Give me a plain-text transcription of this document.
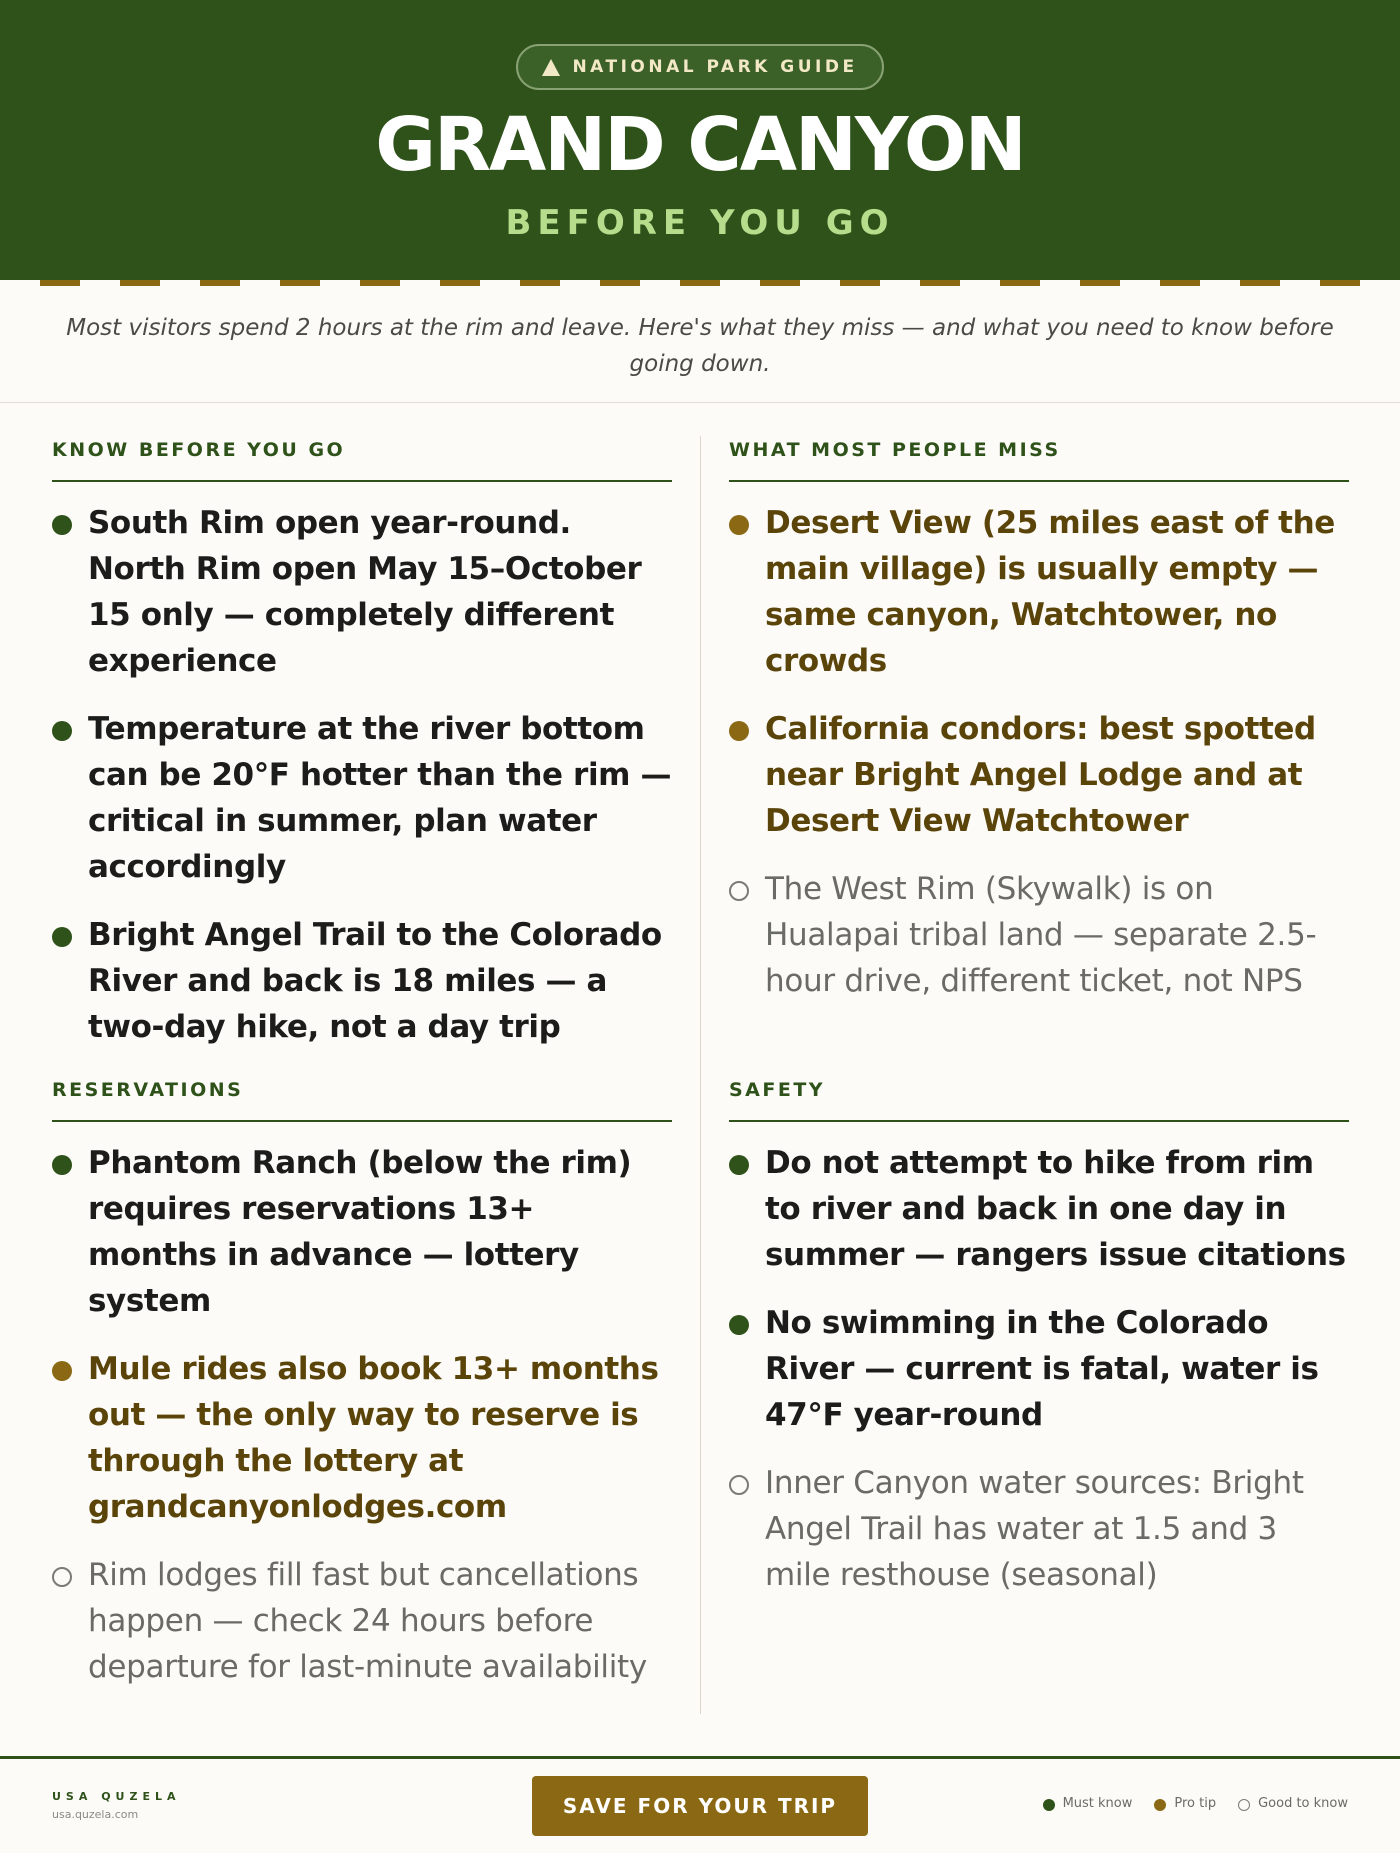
NATIONAL PARK GUIDE
GRAND CANYON
BEFORE YOU GO

Most visitors spend 2 hours at the rim and leave. Here's what they miss — and what you need to know before going down.

KNOW BEFORE YOU GO
South Rim open year-round. North Rim open May 15–October 15 only — completely different experience
Temperature at the river bottom can be 20°F hotter than the rim — critical in summer, plan water accordingly
Bright Angel Trail to the Colorado River and back is 18 miles — a two-day hike, not a day trip
WHAT MOST PEOPLE MISS
Desert View (25 miles east of the main village) is usually empty — same canyon, Watchtower, no crowds
California condors: best spotted near Bright Angel Lodge and at Desert View Watchtower
The West Rim (Skywalk) is on Hualapai tribal land — separate 2.5-hour drive, different ticket, not NPS
RESERVATIONS
Phantom Ranch (below the rim) requires reservations 13+ months in advance — lottery system
Mule rides also book 13+ months out — the only way to reserve is through the lottery at grandcanyonlodges.com
Rim lodges fill fast but cancellations happen — check 24 hours before departure for last-minute availability
SAFETY
Do not attempt to hike from rim to river and back in one day in summer — rangers issue citations
No swimming in the Colorado River — current is fatal, water is 47°F year-round
Inner Canyon water sources: Bright Angel Trail has water at 1.5 and 3 mile resthouse (seasonal)
USA QUZELA
usa.quzela.com	SAVE FOR YOUR TRIP	Must know	Pro tip	Good to know
